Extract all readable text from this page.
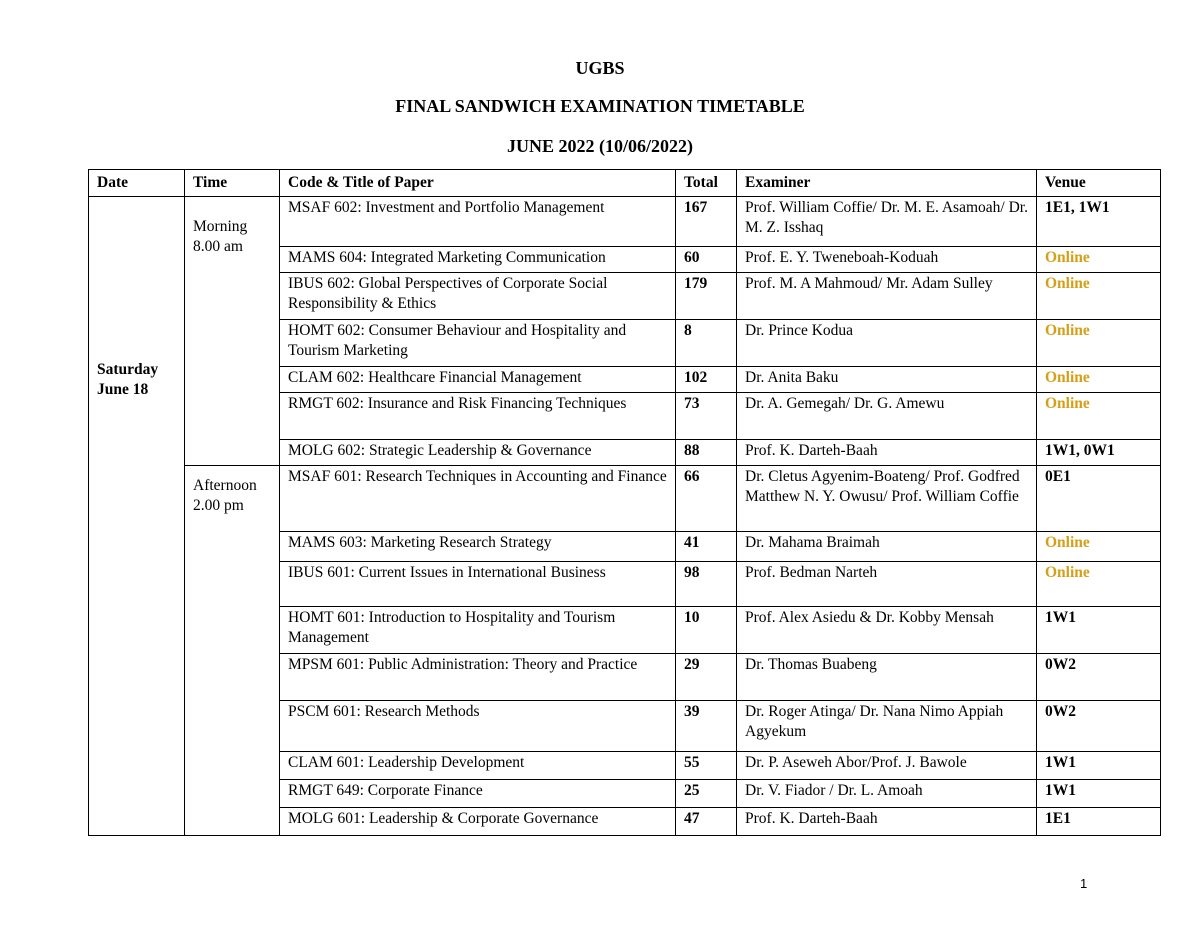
UGBS
FINAL SANDWICH EXAMINATION TIMETABLE
JUNE 2022 (10/06/2022)
Date	Time	Code & Title of Paper	Total	Examiner	Venue

Saturday June 18	Morning 8.00 am	MSAF 602: Investment and Portfolio Management	167	Prof. William Coffie/ Dr. M. E. Asamoah/ Dr. M. Z. Isshaq	1E1, 1W1
		MAMS 604: Integrated Marketing Communication	60	Prof. E. Y. Tweneboah-Koduah	Online
		IBUS 602: Global Perspectives of Corporate Social Responsibility & Ethics	179	Prof. M. A Mahmoud/ Mr. Adam Sulley	Online
		HOMT 602: Consumer Behaviour and Hospitality and Tourism Marketing	8	Dr. Prince Kodua	Online
		CLAM 602: Healthcare Financial Management	102	Dr. Anita Baku	Online
		RMGT 602: Insurance and Risk Financing Techniques	73	Dr. A. Gemegah/ Dr. G. Amewu	Online
		MOLG 602: Strategic Leadership & Governance	88	Prof. K. Darteh-Baah	1W1, 0W1
	Afternoon 2.00 pm	MSAF 601: Research Techniques in Accounting and Finance	66	Dr. Cletus Agyenim-Boateng/ Prof. Godfred Matthew N. Y. Owusu/ Prof. William Coffie	0E1
		MAMS 603: Marketing Research Strategy	41	Dr. Mahama Braimah	Online
		IBUS 601: Current Issues in International Business	98	Prof. Bedman Narteh	Online
		HOMT 601: Introduction to Hospitality and Tourism Management	10	Prof. Alex Asiedu & Dr. Kobby Mensah	1W1
		MPSM 601: Public Administration: Theory and Practice	29	Dr. Thomas Buabeng	0W2
		PSCM 601: Research Methods	39	Dr. Roger Atinga/ Dr. Nana Nimo Appiah Agyekum	0W2
		CLAM 601: Leadership Development	55	Dr. P. Aseweh Abor/Prof. J. Bawole	1W1
		RMGT 649: Corporate Finance	25	Dr. V. Fiador / Dr. L. Amoah	1W1
		MOLG 601: Leadership & Corporate Governance	47	Prof. K. Darteh-Baah	1E1
1
